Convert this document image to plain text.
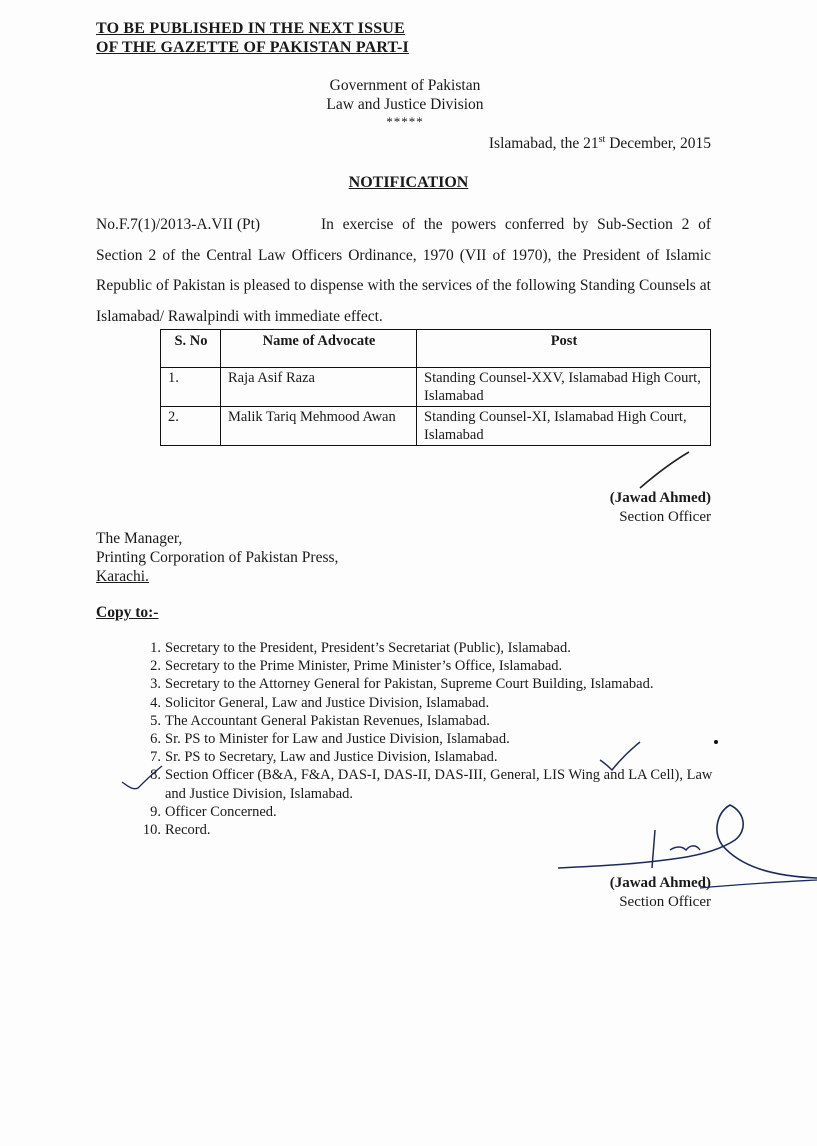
TO BE PUBLISHED IN THE NEXT ISSUE
OF THE GAZETTE OF PAKISTAN PART-I
Government of Pakistan
Law and Justice Division
*****
Islamabad, the 21st December, 2015
NOTIFICATION
No.F.7(1)/2013-A.VII (Pt)	In exercise of the powers conferred by Sub-Section 2 of Section 2 of the Central Law Officers Ordinance, 1970 (VII of 1970), the President of Islamic Republic of Pakistan is pleased to dispense with the services of the following Standing Counsels at Islamabad/ Rawalpindi with immediate effect.
S. No	Name of Advocate	Post
1.	Raja Asif Raza	Standing Counsel-XXV, Islamabad High Court, Islamabad
2.	Malik Tariq Mehmood Awan	Standing Counsel-XI, Islamabad High Court, Islamabad
(Jawad Ahmed)
Section Officer
The Manager,
Printing Corporation of Pakistan Press,
Karachi.
Copy to:-
1. Secretary to the President, President’s Secretariat (Public), Islamabad.
2. Secretary to the Prime Minister, Prime Minister’s Office, Islamabad.
3. Secretary to the Attorney General for Pakistan, Supreme Court Building, Islamabad.
4. Solicitor General, Law and Justice Division, Islamabad.
5. The Accountant General Pakistan Revenues, Islamabad.
6. Sr. PS to Minister for Law and Justice Division, Islamabad.
7. Sr. PS to Secretary, Law and Justice Division, Islamabad.
8. Section Officer (B&A, F&A, DAS-I, DAS-II, DAS-III, General, LIS Wing and LA Cell), Law and Justice Division, Islamabad.
9. Officer Concerned.
10. Record.
(Jawad Ahmed)
Section Officer
